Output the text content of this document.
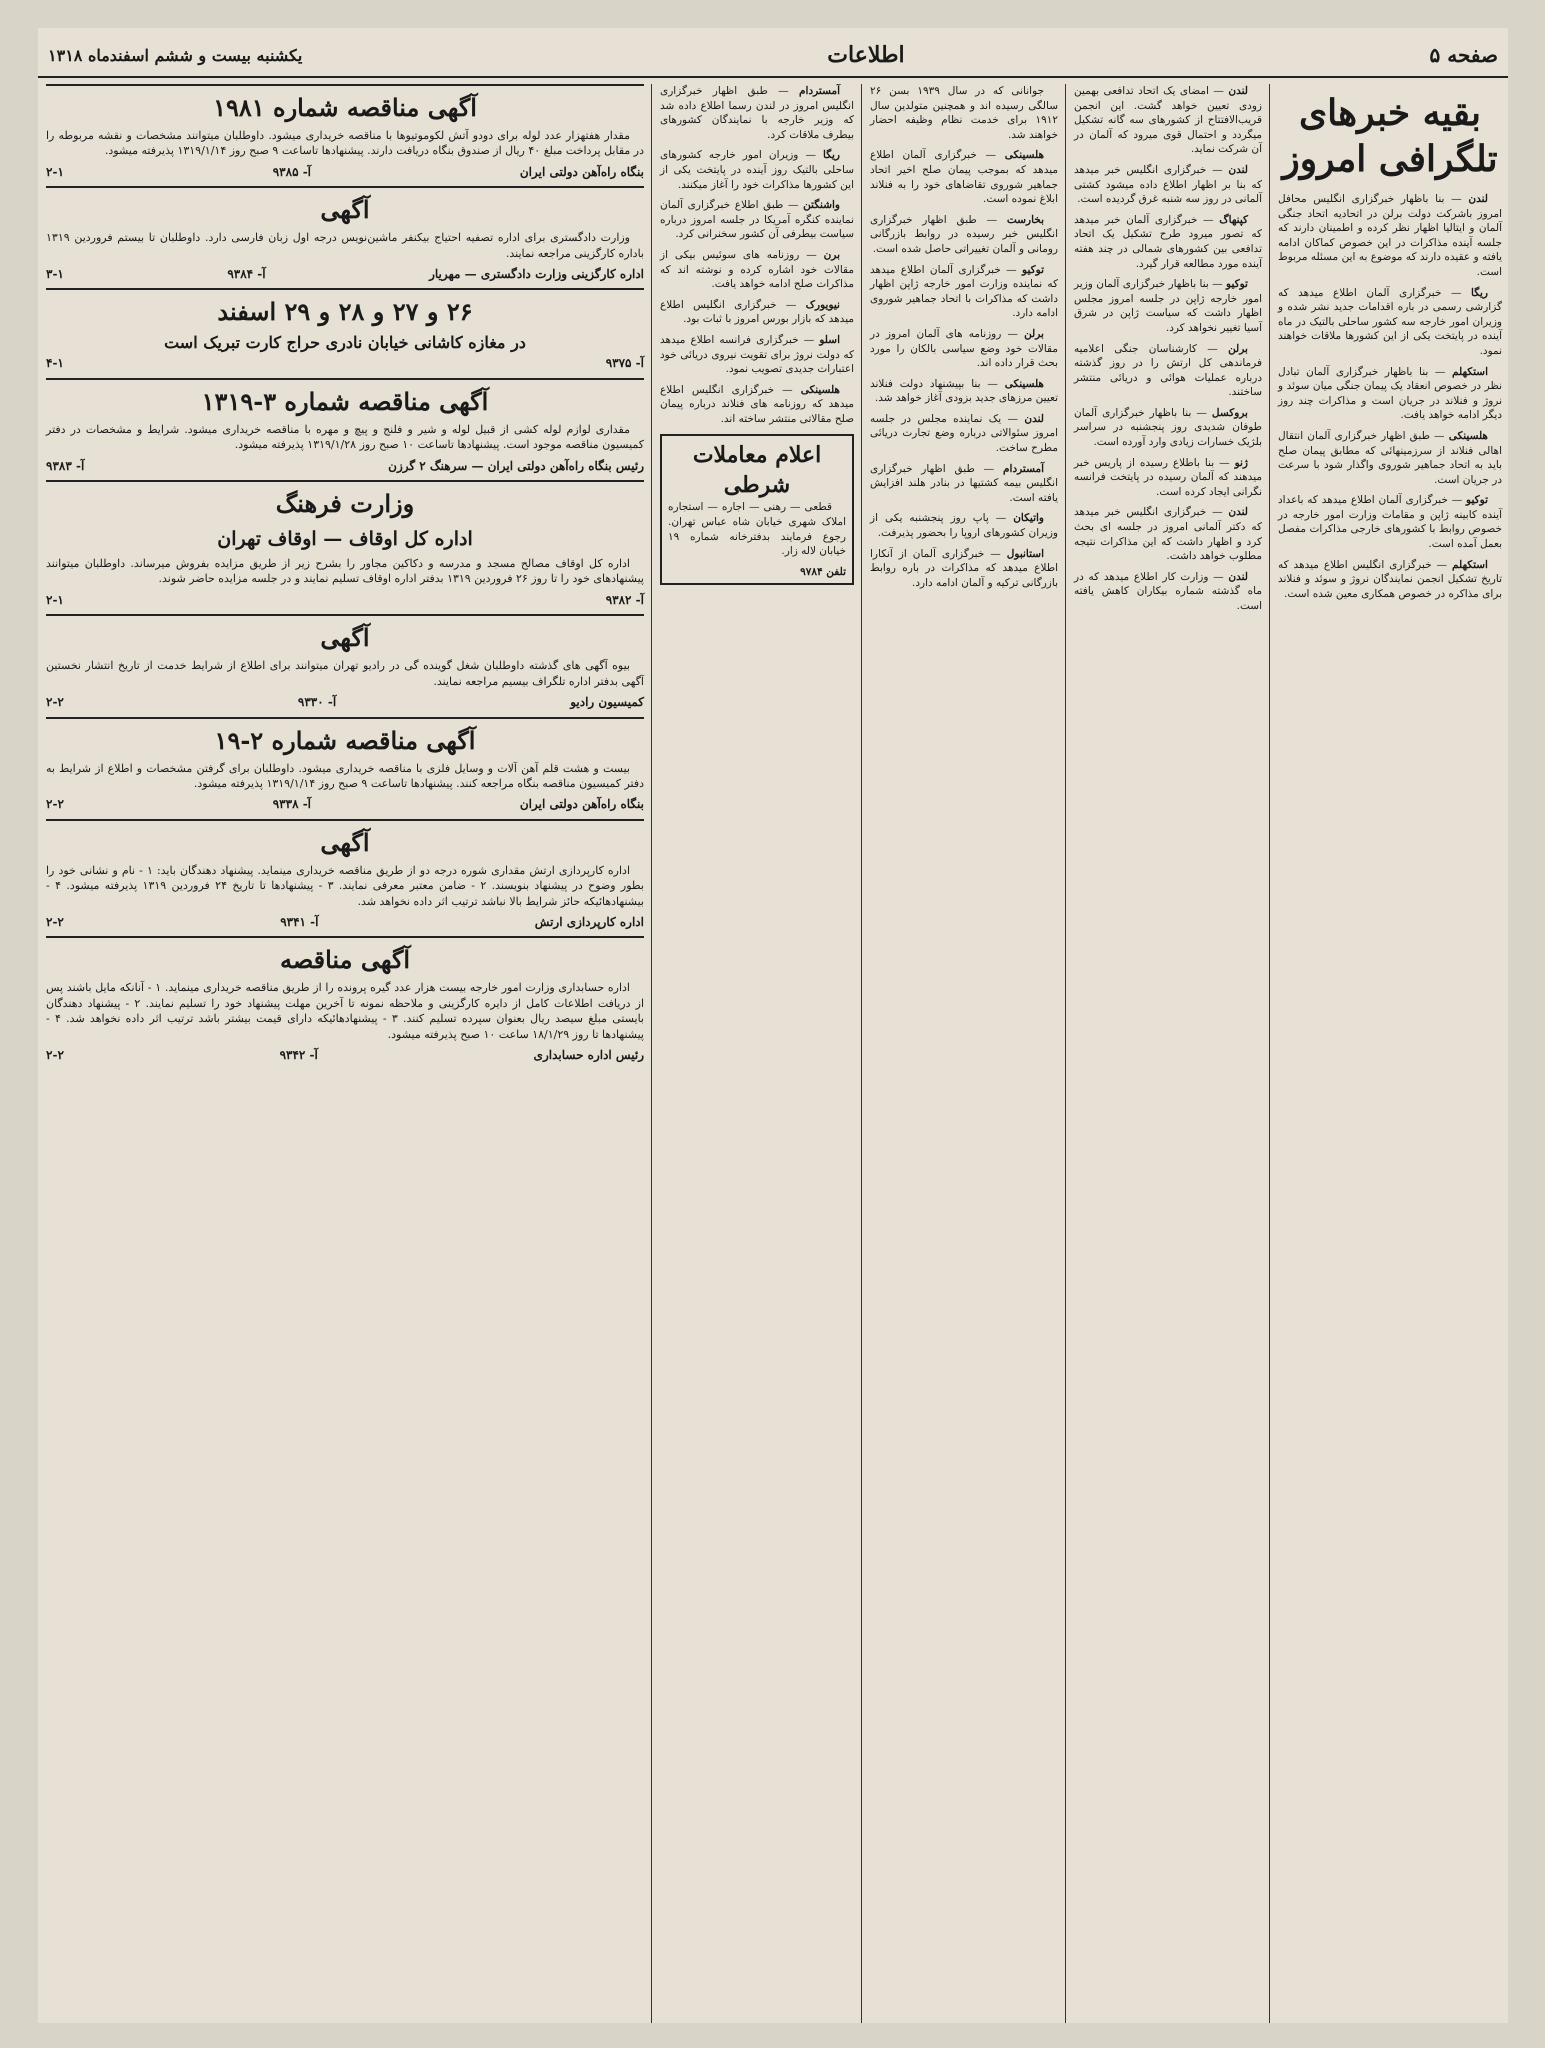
صفحه ۵
اطلاعات
یکشنبه بیست و ششم اسفندماه ۱۳۱۸
بقیه خبرهای تلگرافی امروز

لندن — بنا باظهار خبرگزاری انگلیس محافل امروز باشرکت دولت برلن در اتحادیه اتحاد جنگی آلمان و ایتالیا اظهار نظر کرده و اطمینان دارند که جلسه آینده مذاکرات در این خصوص کماکان ادامه یافته و عقیده دارند که موضوع به این مسئله مربوط است.

ریگا — خبرگزاری آلمان اطلاع میدهد که گزارشی رسمی در باره اقدامات جدید نشر شده و وزیران امور خارجه سه کشور ساحلی بالتیک در ماه آینده در پایتخت یکی از این کشورها ملاقات خواهند نمود.

استکهلم — بنا باظهار خبرگزاری آلمان تبادل نظر در خصوص انعقاد یک پیمان جنگی میان سوئد و نروژ و فنلاند در جریان است و مذاکرات چند روز دیگر ادامه خواهد یافت.

هلسینکی — طبق اظهار خبرگزاری آلمان انتقال اهالی فنلاند از سرزمینهائی که مطابق پیمان صلح باید به اتحاد جماهیر شوروی واگذار شود با سرعت در جریان است.

توکیو — خبرگزاری آلمان اطلاع میدهد که باعداد آینده کابینه ژاپن و مقامات وزارت امور خارجه در خصوص روابط با کشورهای خارجی مذاکرات مفصل بعمل آمده است.

استکهلم — خبرگزاری انگلیس اطلاع میدهد که تاریخ تشکیل انجمن نمایندگان نروژ و سوئد و فنلاند برای مذاکره در خصوص همکاری معین شده است.

لندن — امضای یک اتحاد تدافعی بهمین زودی تعیین خواهد گشت. این انجمن قریب‌الافتتاح از کشورهای سه گانه تشکیل میگردد و احتمال قوی میرود که آلمان در آن شرکت نماید.

لندن — خبرگزاری انگلیس خبر میدهد که بنا بر اظهار اطلاع داده میشود کشتی آلمانی در روز سه شنبه غرق گردیده است.

کپنهاگ — خبرگزاری آلمان خبر میدهد که تصور میرود طرح تشکیل یک اتحاد تدافعی بین کشورهای شمالی در چند هفته آینده مورد مطالعه قرار گیرد.

توکیو — بنا باظهار خبرگزاری آلمان وزیر امور خارجه ژاپن در جلسه امروز مجلس اظهار داشت که سیاست ژاپن در شرق آسیا تغییر نخواهد کرد.

برلن — کارشناسان جنگی اعلامیه فرماندهی کل ارتش را در روز گذشته درباره عملیات هوائی و دریائی منتشر ساختند.

بروکسل — بنا باظهار خبرگزاری آلمان طوفان شدیدی روز پنجشنبه در سراسر بلژیک خسارات زیادی وارد آورده است.

ژنو — بنا باطلاع رسیده از پاریس خبر میدهند که آلمان رسیده در پایتخت فرانسه نگرانی ایجاد کرده است.

لندن — خبرگزاری انگلیس خبر میدهد که دکتر آلمانی امروز در جلسه ای بحث کرد و اظهار داشت که این مذاکرات نتیجه مطلوب خواهد داشت.

لندن — وزارت کار اطلاع میدهد که در ماه گذشته شماره بیکاران کاهش یافته است.

جوانانی که در سال ۱۹۳۹ بسن ۲۶ سالگی رسیده اند و همچنین متولدین سال ۱۹۱۲ برای خدمت نظام وظیفه احضار خواهند شد.

هلسینکی — خبرگزاری آلمان اطلاع میدهد که بموجب پیمان صلح اخیر اتحاد جماهیر شوروی تقاضاهای خود را به فنلاند ابلاغ نموده است.

بخارست — طبق اظهار خبرگزاری انگلیس خبر رسیده در روابط بازرگانی رومانی و آلمان تغییراتی حاصل شده است.

توکیو — خبرگزاری آلمان اطلاع میدهد که نماینده وزارت امور خارجه ژاپن اظهار داشت که مذاکرات با اتحاد جماهیر شوروی ادامه دارد.

برلن — روزنامه های آلمان امروز در مقالات خود وضع سیاسی بالکان را مورد بحث قرار داده اند.

هلسینکی — بنا بپیشنهاد دولت فنلاند تعیین مرزهای جدید بزودی آغاز خواهد شد.

لندن — یک نماینده مجلس در جلسه امروز سئوالاتی درباره وضع تجارت دریائی مطرح ساخت.

آمستردام — طبق اظهار خبرگزاری انگلیس بیمه کشتیها در بنادر هلند افزایش یافته است.

واتیکان — پاپ روز پنجشنبه یکی از وزیران کشورهای اروپا را بحضور پذیرفت.

استانبول — خبرگزاری آلمان از آنکارا اطلاع میدهد که مذاکرات در باره روابط بازرگانی ترکیه و آلمان ادامه دارد.

آمستردام — طبق اظهار خبرگزاری انگلیس امروز در لندن رسما اطلاع داده شد که وزیر خارجه با نمایندگان کشورهای بیطرف ملاقات کرد.

ریگا — وزیران امور خارجه کشورهای ساحلی بالتیک روز آینده در پایتخت یکی از این کشورها مذاکرات خود را آغاز میکنند.

واشنگتن — طبق اطلاع خبرگزاری آلمان نماینده کنگره آمریکا در جلسه امروز درباره سیاست بیطرفی آن کشور سخنرانی کرد.

برن — روزنامه های سوئیس بیکی از مقالات خود اشاره کرده و نوشته اند که مذاکرات صلح ادامه خواهد یافت.

نیویورک — خبرگزاری انگلیس اطلاع میدهد که بازار بورس امروز با ثبات بود.

اسلو — خبرگزاری فرانسه اطلاع میدهد که دولت نروژ برای تقویت نیروی دریائی خود اعتبارات جدیدی تصویب نمود.

هلسینکی — خبرگزاری انگلیس اطلاع میدهد که روزنامه های فنلاند درباره پیمان صلح مقالاتی منتشر ساخته اند.

اعلام معاملات شرطی
قطعی — رهنی — اجاره — استجاره املاک شهری خیابان شاه عباس تهران. رجوع فرمایند بدفترخانه شماره ۱۹ خیابان لاله زار.
تلفن ۹۷۸۴
آگهی مناقصه شماره ۱۹۸۱
مقدار هفتهزار عدد لوله برای دودو آتش لکوموتیوها با مناقصه خریداری میشود. داوطلبان میتوانند مشخصات و نقشه مربوطه را در مقابل پرداخت مبلغ ۴۰ ریال از صندوق بنگاه دریافت دارند. پیشنهادها تاساعت ۹ صبح روز ۱۳۱۹/۱/۱۴ پذیرفته میشود.
بنگاه راه‌آهن دولتی ایران
آ- ۹۳۸۵
۲-۱
آگهی
وزارت دادگستری برای اداره تصفیه احتیاج بیکنفر ماشین‌نویس درجه اول زبان فارسی دارد. داوطلبان تا بیستم فروردین ۱۳۱۹ باداره کارگزینی مراجعه نمایند.
اداره کارگزینی وزارت دادگستری — مهریار
آ- ۹۳۸۴
۳-۱
۲۶ و ۲۷ و ۲۸ و ۲۹ اسفند
در مغازه کاشانی خیابان نادری حراج کارت تبریک است
آ- ۹۳۷۵
۴-۱
آگهی مناقصه شماره ۳-۱۳۱۹
مقداری لوازم لوله کشی از قبیل لوله و شیر و فلنج و پیچ و مهره با مناقصه خریداری میشود. شرایط و مشخصات در دفتر کمیسیون مناقصه موجود است. پیشنهادها تاساعت ۱۰ صبح روز ۱۳۱۹/۱/۲۸ پذیرفته میشود.
رئیس بنگاه راه‌آهن دولتی ایران — سرهنگ ۲ گرزن
آ- ۹۳۸۳
وزارت فرهنگ
اداره کل اوقاف — اوقاف تهران
اداره کل اوقاف مصالح مسجد و مدرسه و دکاکین مجاور را بشرح زیر از طریق مزایده بفروش میرساند. داوطلبان میتوانند پیشنهادهای خود را تا روز ۲۶ فروردین ۱۳۱۹ بدفتر اداره اوقاف تسلیم نمایند و در جلسه مزایده حاضر شوند.
آ- ۹۳۸۲
۲-۱
آگهی
بیوه آگهی های گذشته داوطلبان شغل گوینده گی در رادیو تهران میتوانند برای اطلاع از شرایط خدمت از تاریخ انتشار نخستین آگهی بدفتر اداره تلگراف بیسیم مراجعه نمایند.
کمیسیون رادیو
آ- ۹۳۳۰
۲-۲
آگهی مناقصه شماره ۲-۱۹
بیست و هشت قلم آهن آلات و وسایل فلزی با مناقصه خریداری میشود. داوطلبان برای گرفتن مشخصات و اطلاع از شرایط به دفتر کمیسیون مناقصه بنگاه مراجعه کنند. پیشنهادها تاساعت ۹ صبح روز ۱۳۱۹/۱/۱۴ پذیرفته میشود.
بنگاه راه‌آهن دولتی ایران
آ- ۹۳۳۸
۲-۲
آگهی
اداره کارپردازی ارتش مقداری شوره درجه دو از طریق مناقصه خریداری مینماید. پیشنهاد دهندگان باید: ۱ - نام و نشانی خود را بطور وضوح در پیشنهاد بنویسند. ۲ - ضامن معتبر معرفی نمایند. ۳ - پیشنهادها تا تاریخ ۲۴ فروردین ۱۳۱۹ پذیرفته میشود. ۴ - بیشنهادهائیکه حائز شرایط بالا نباشد ترتیب اثر داده نخواهد شد.
اداره کارپردازی ارتش
آ- ۹۳۴۱
۲-۲
آگهی مناقصه
اداره حسابداری وزارت امور خارجه بیست هزار عدد گیره پرونده را از طریق مناقصه خریداری مینماید. ۱ - آنانکه مایل باشند پس از دریافت اطلاعات کامل از دایره کارگزینی و ملاحظه نمونه تا آخرین مهلت پیشنهاد خود را تسلیم نمایند. ۲ - پیشنهاد دهندگان بایستی مبلغ سیصد ریال بعنوان سپرده تسلیم کنند. ۳ - پیشنهادهائیکه دارای قیمت بیشتر باشد ترتیب اثر داده نخواهد شد. ۴ - پیشنهادها تا روز ۱۸/۱/۲۹ ساعت ۱۰ صبح پذیرفته میشود.
رئیس اداره حسابداری
آ- ۹۳۴۲
۲-۲
